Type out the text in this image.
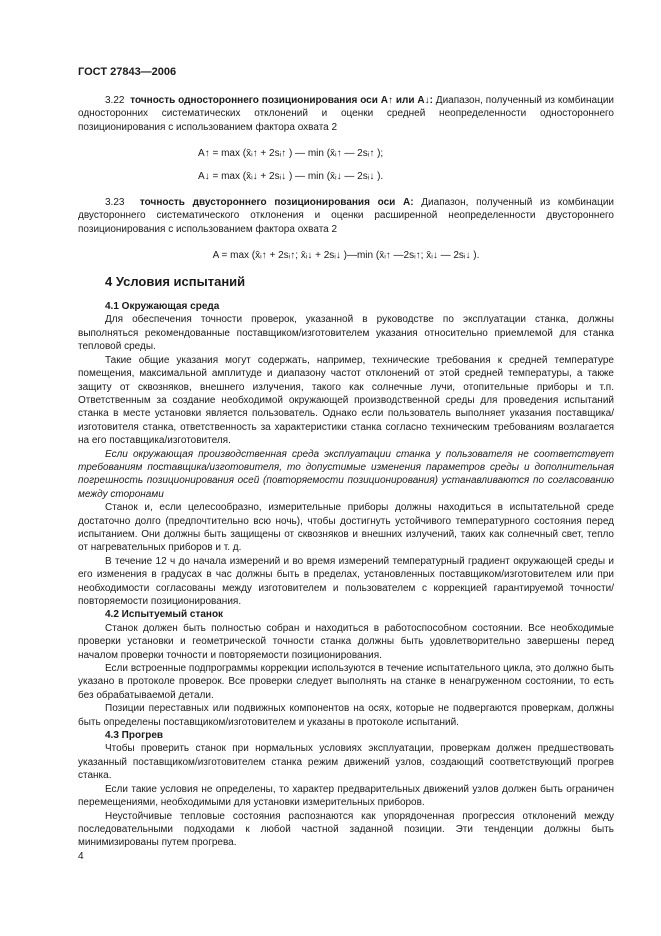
ГОСТ 27843—2006

3.22 точность одностороннего позиционирования оси A↑ или A↓: Диапазон, полученный из комбинации односторонних систематических отклонений и оценки средней неопределенности одностороннего позиционирования с использованием фактора охвата 2

A↑ = max (x̄ᵢ↑ + 2sᵢ↑ ) — min (x̄ᵢ↑ — 2sᵢ↑ );

A↓ = max (x̄ᵢ↓ + 2sᵢ↓ ) — min (x̄ᵢ↓ — 2sᵢ↓ ).

3.23 точность двустороннего позиционирования оси A: Диапазон, полученный из комбинации двустороннего систематического отклонения и оценки расширенной неопределенности двустороннего позиционирования с использованием фактора охвата 2

A = max (x̄ᵢ↑ + 2sᵢ↑; x̄ᵢ↓ + 2sᵢ↓ )—min (x̄ᵢ↑ —2sᵢ↑; x̄ᵢ↓ — 2sᵢ↓ ).

4 Условия испытаний
4.1 Окружающая среда

Для обеспечения точности проверок, указанной в руководстве по эксплуатации станка, должны выполняться рекомендованные поставщиком/изготовителем указания относительно приемлемой для станка тепловой среды.

Такие общие указания могут содержать, например, технические требования к средней температуре помещения, максимальной амплитуде и диапазону частот отклонений от этой средней температуры, а также защиту от сквозняков, внешнего излучения, такого как солнечные лучи, отопительные приборы и т.п. Ответственным за создание необходимой окружающей производственной среды для проведения испытаний станка в месте установки является пользователь. Однако если пользователь выполняет указания поставщика/изготовителя станка, ответственность за характеристики станка согласно техническим требованиям возлагается на его поставщика/изготовителя.

Если окружающая производственная среда эксплуатации станка у пользователя не соответствует требованиям поставщика/изготовителя, то допустимые изменения параметров среды и дополнительная погрешность позиционирования осей (повторяемости позиционирования) устанавливаются по согласованию между сторонами

Станок и, если целесообразно, измерительные приборы должны находиться в испытательной среде достаточно долго (предпочтительно всю ночь), чтобы достигнуть устойчивого температурного состояния перед испытанием. Они должны быть защищены от сквозняков и внешних излучений, таких как солнечный свет, тепло от нагревательных приборов и т. д.

В течение 12 ч до начала измерений и во время измерений температурный градиент окружающей среды и его изменения в градусах в час должны быть в пределах, установленных поставщиком/изготовителем или при необходимости согласованы между изготовителем и пользователем с коррекцией гарантируемой точности/повторяемости позиционирования.

4.2 Испытуемый станок

Станок должен быть полностью собран и находиться в работоспособном состоянии. Все необходимые проверки установки и геометрической точности станка должны быть удовлетворительно завершены перед началом проверки точности и повторяемости позиционирования.

Если встроенные подпрограммы коррекции используются в течение испытательного цикла, это должно быть указано в протоколе проверок. Все проверки следует выполнять на станке в ненагруженном состоянии, то есть без обрабатываемой детали.

Позиции переставных или подвижных компонентов на осях, которые не подвергаются проверкам, должны быть определены поставщиком/изготовителем и указаны в протоколе испытаний.

4.3 Прогрев

Чтобы проверить станок при нормальных условиях эксплуатации, проверкам должен предшествовать указанный поставщиком/изготовителем станка режим движений узлов, создающий соответствующий прогрев станка.

Если такие условия не определены, то характер предварительных движений узлов должен быть ограничен перемещениями, необходимыми для установки измерительных приборов.

Неустойчивые тепловые состояния распознаются как упорядоченная прогрессия отклонений между последовательными подходами к любой частной заданной позиции. Эти тенденции должны быть минимизированы путем прогрева.

4
